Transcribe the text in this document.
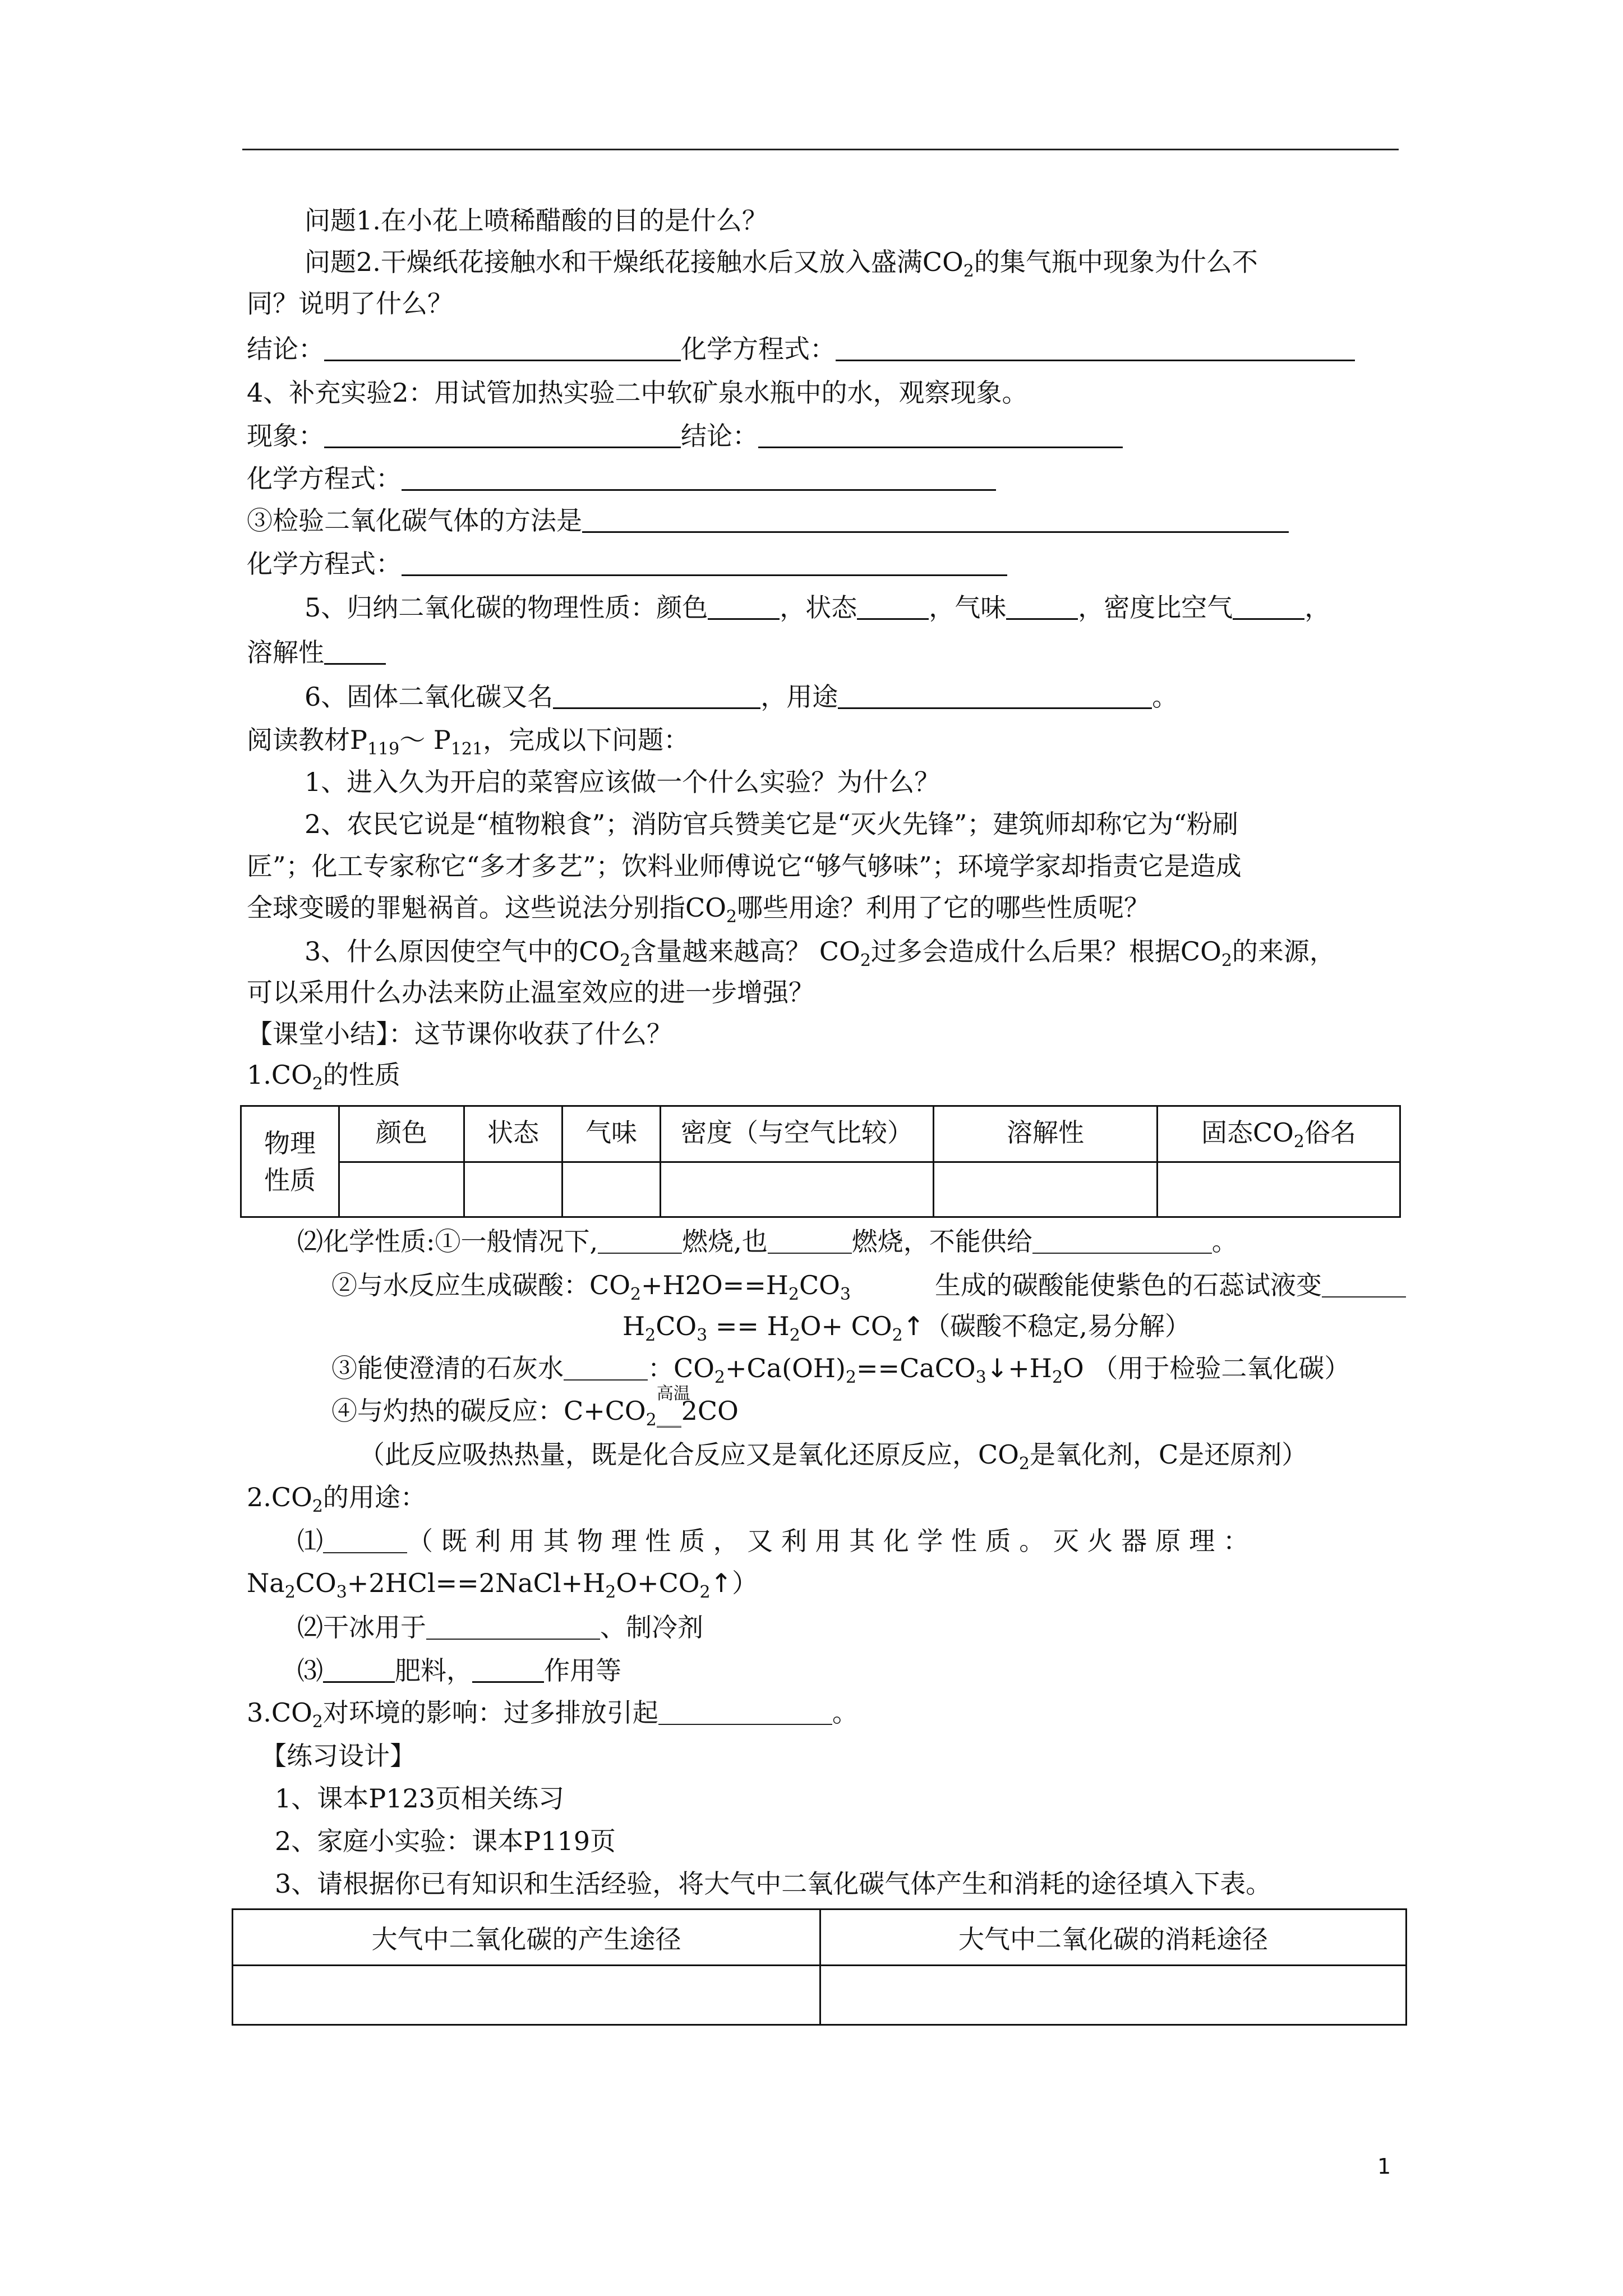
问题1.在小花上喷稀醋酸的目的是什么？
问题2.干燥纸花接触水和干燥纸花接触水后又放入盛满$CO_2$的集气瓶中现象为什么不
同？说明了什么？
结论：	化学方程式：
4、补充实验2：用试管加热实验二中软矿泉水瓶中的水，观察现象。
现象：	结论：
化学方程式：
③检验二氧化碳气体的方法是
化学方程式：
5、归纳二氧化碳的物理性质：颜色	，状态	，气味	，密度比空气	，
溶解性
6、固体二氧化碳又名	，用途	。
阅读教材$P_{119}\sim$ $P_{121}$，完成以下问题：
1、进入久为开启的菜窖应该做一个什么实验？为什么？
2、农民它说是“植物粮食”；消防官兵赞美它是“灭火先锋”；建筑师却称它为“粉刷
匠”；化工专家称它“多才多艺”；饮料业师傅说它“够气够味”；环境学家却指责它是造成
全球变暖的罪魁祸首。这些说法分别指$CO_2$哪些用途？利用了它的哪些性质呢？
3、什么原因使空气中的$CO_2$含量越来越高？ $CO_2$过多会造成什么后果？根据$CO_2$的来源，
可以采用什么办法来防止温室效应的进一步增强？
【课堂小结】：这节课你收获了什么？
$1.CO_2$的性质
物理
性质	颜色	状态	气味	密度（与空气比较）	溶解性	固态$CO_2$俗名

⑵化学性质:①一般情况下,	燃烧,也	燃烧，不能供给	。
②与水反应生成碳酸：$CO_2+H2O==H_2CO_3$	生成的碳酸能使紫色的石蕊试液变
$H_2CO_3 == H_2O+$ $CO_2↑$（碳酸不稳定,易分解）
③能使澄清的石灰水	：$CO_2+Ca(OH)_2==CaCO_3↓+H_2O$ （用于检验二氧化碳）
④与灼热的碳反应：$C+CO_2$
高温
2CO
（此反应吸热热量，既是化合反应又是氧化还原反应，$CO_2$是氧化剂，C是还原剂）
$2.CO_2$的用途：
⑴	（ 既 利 用 其 物 理 性 质 ， 又 利 用 其 化 学 性 质 。 灭 火 器 原 理 ：
$Na_2CO_3+2HCl==2NaCl+H_2O+CO_2↑$）
⑵干冰用于	、制冷剂
⑶	肥料，	作用等
$3.CO_2$对环境的影响：过多排放引起	。
【练习设计】
1、课本P123页相关练习
2、家庭小实验：课本P119页
3、请根据你已有知识和生活经验，将大气中二氧化碳气体产生和消耗的途径填入下表。
大气中二氧化碳的产生途径	大气中二氧化碳的消耗途径

1
